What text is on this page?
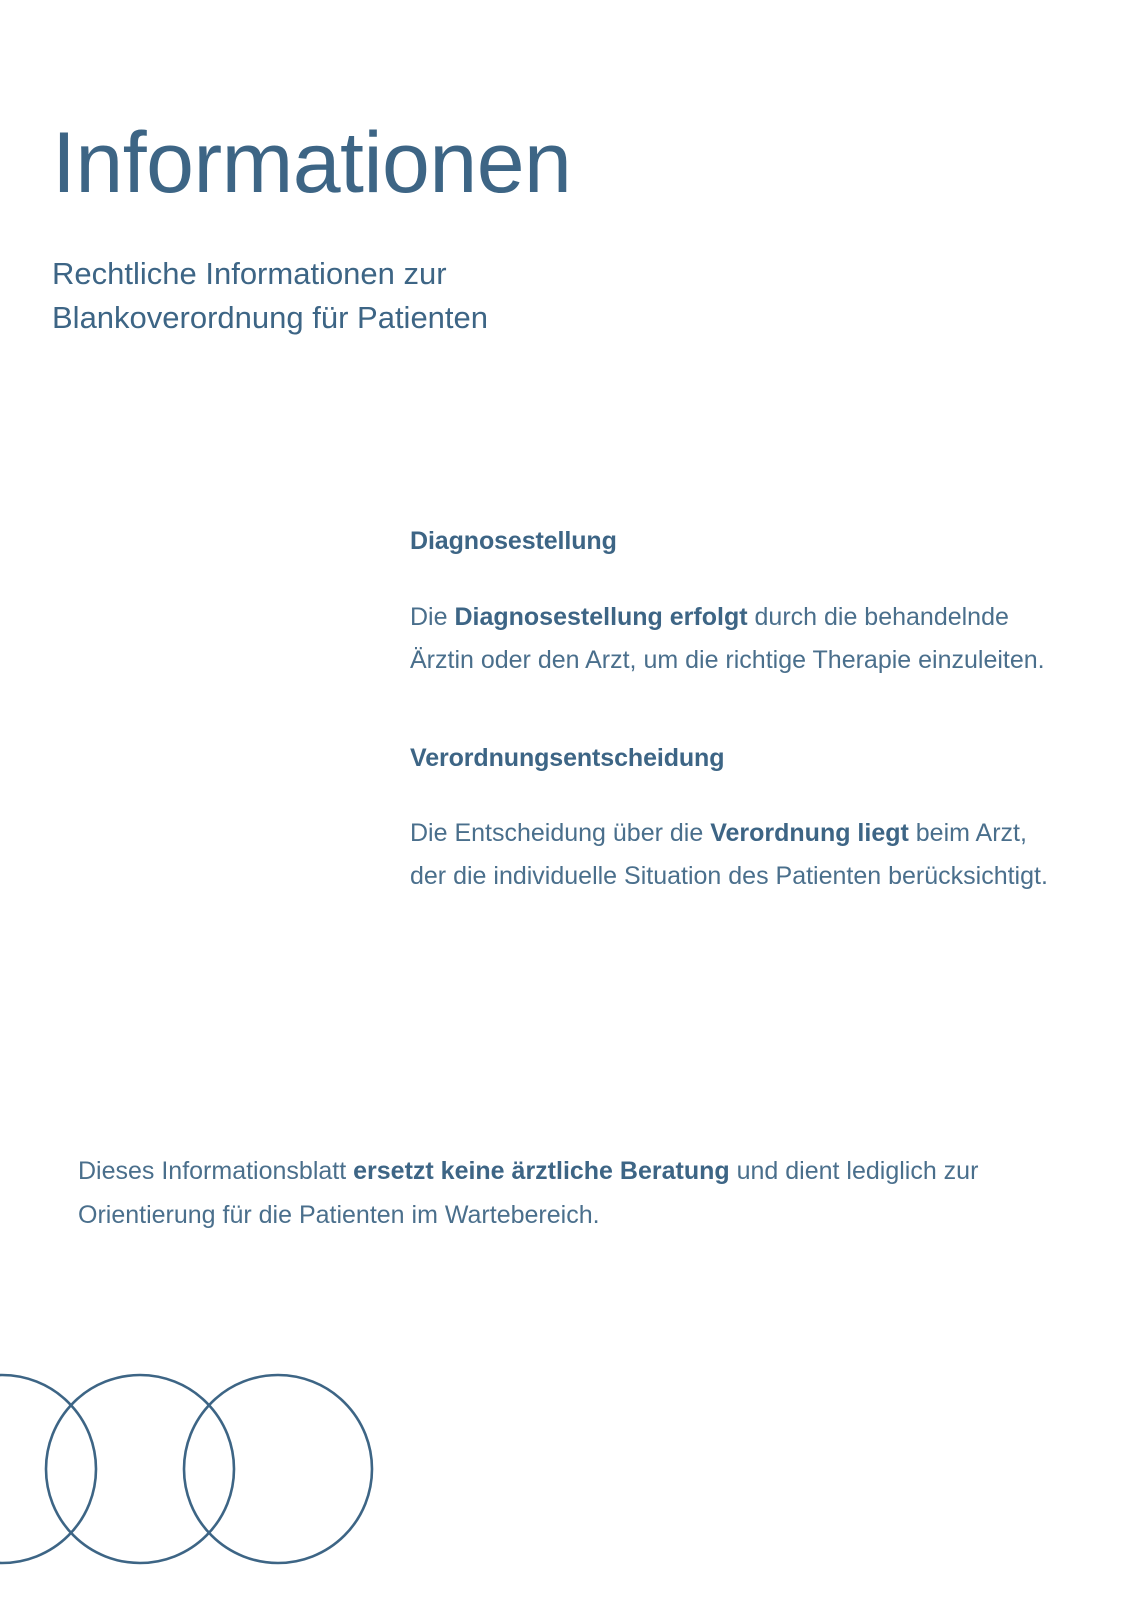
Informationen

Rechtliche Informationen zur Blankoverordnung für Patienten

Diagnosestellung

Die Diagnosestellung erfolgt durch die behandelnde Ärztin oder den Arzt, um die richtige Therapie einzuleiten.

Verordnungsentscheidung

Die Entscheidung über die Verordnung liegt beim Arzt, der die individuelle Situation des Patienten berücksichtigt.

Dieses Informationsblatt ersetzt keine ärztliche Beratung und dient lediglich zur Orientierung für die Patienten im Wartebereich.
